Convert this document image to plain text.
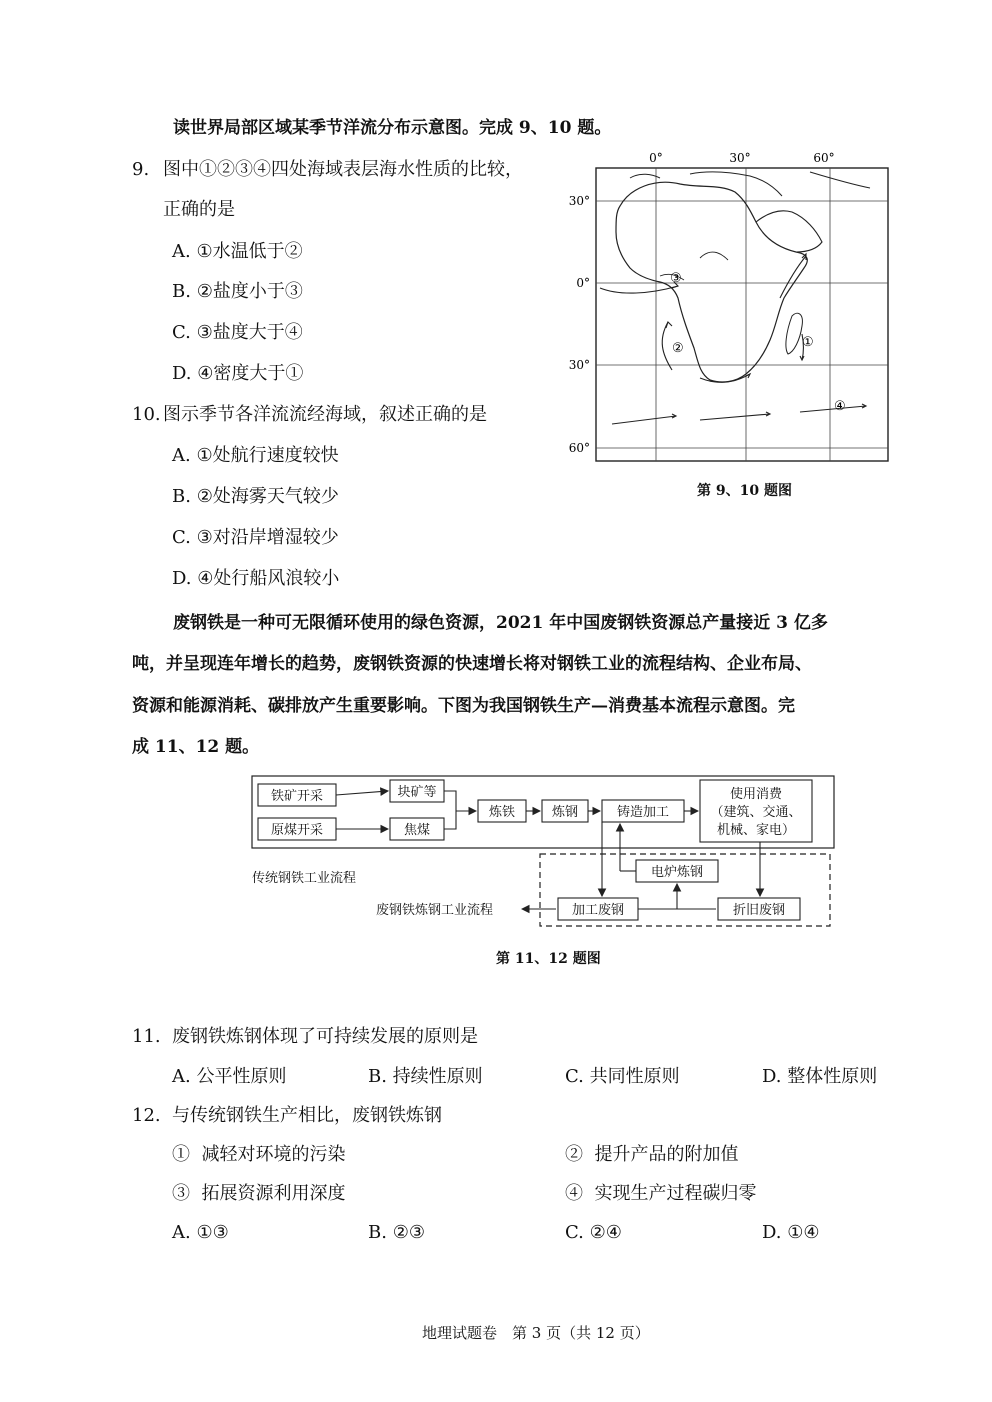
读世界局部区域某季节洋流分布示意图。完成 9、10 题。
9. 图中①②③④四处海域表层海水性质的比较，
正确的是
A. ①水温低于②
B. ②盐度小于③
C. ③盐度大于④
D. ④密度大于①
10. 图示季节各洋流流经海域，叙述正确的是
A. ①处航行速度较快
B. ②处海雾天气较少
C. ③对沿岸增湿较少
D. ④处行船风浪较小
0°	30°	60°
30°
0°
30°
60°
③
②	①
④
第 9、10 题图
废钢铁是一种可无限循环使用的绿色资源，2021 年中国废钢铁资源总产量接近 3 亿多
吨，并呈现连年增长的趋势，废钢铁资源的快速增长将对钢铁工业的流程结构、企业布局、
资源和能源消耗、碳排放产生重要影响。下图为我国钢铁生产—消费基本流程示意图。完
成 11、12 题。
铁矿开采
原煤开采
块矿等
焦煤
炼铁	炼钢	铸造加工
使用消费
（建筑、交通、
机械、家电）
电炉炼钢
加工废钢	折旧废钢
传统钢铁工业流程
废钢铁炼钢工业流程
第 11、12 题图
11. 废钢铁炼钢体现了可持续发展的原则是
A. 公平性原则	B. 持续性原则	C. 共同性原则	D. 整体性原则
12. 与传统钢铁生产相比，废钢铁炼钢
① 减轻对环境的污染	② 提升产品的附加值
③ 拓展资源利用深度	④ 实现生产过程碳归零
A. ①③	B. ②③	C. ②④	D. ①④
地理试题卷　第 3 页（共 12 页）
